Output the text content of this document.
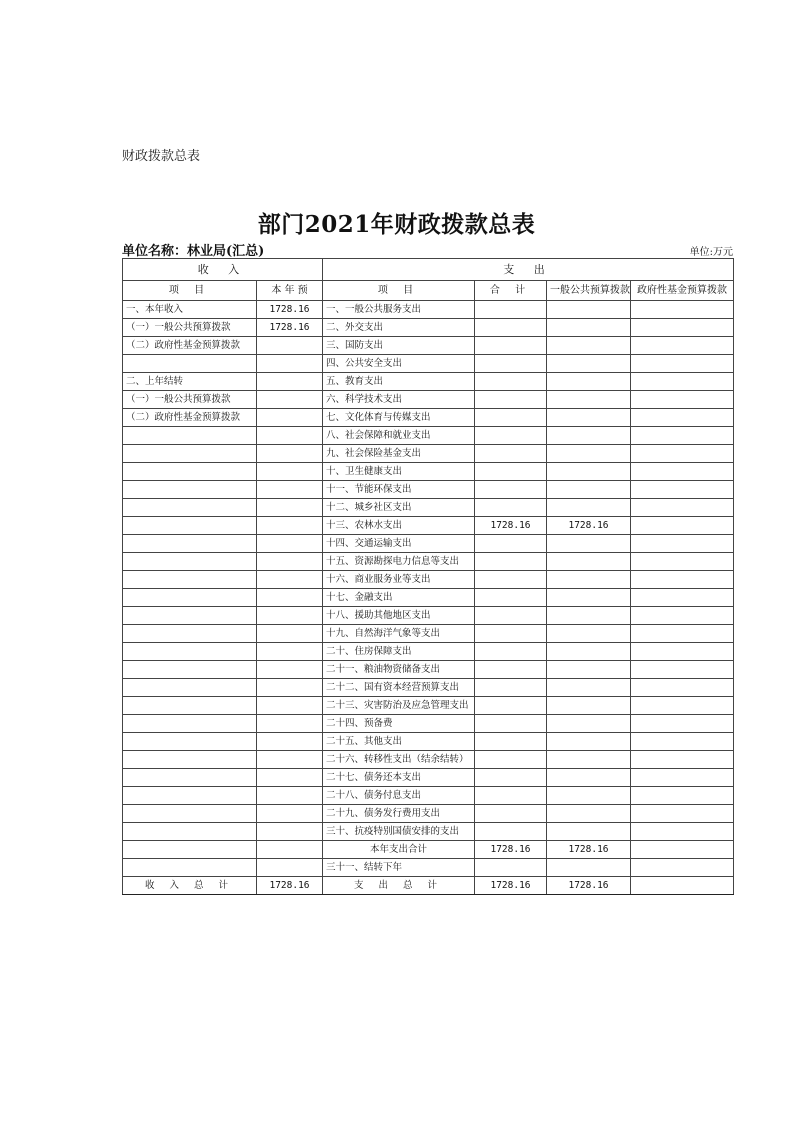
财政拨款总表
部门2021年财政拨款总表
单位名称：林业局(汇总)	单位:万元
收 入		支 出			
项 目	本 年 预	项 目	合 计	一般公共预算拨款	政府性基金预算拨款
一、本年收入	1728.16	一、一般公共服务支出			
（一）一般公共预算拨款	1728.16	二、外交支出			
（二）政府性基金预算拨款		三、国防支出			
		四、公共安全支出			
二、上年结转		五、教育支出			
（一）一般公共预算拨款		六、科学技术支出			
（二）政府性基金预算拨款		七、文化体育与传媒支出			
		八、社会保障和就业支出			
		九、社会保险基金支出			
		十、卫生健康支出			
		十一、节能环保支出			
		十二、城乡社区支出			
		十三、农林水支出	1728.16	1728.16	
		十四、交通运输支出			
		十五、资源勘探电力信息等支出			
		十六、商业服务业等支出			
		十七、金融支出			
		十八、援助其他地区支出			
		十九、自然海洋气象等支出			
		二十、住房保障支出			
		二十一、粮油物资储备支出			
		二十二、国有资本经营预算支出			
		二十三、灾害防治及应急管理支出			
		二十四、预备费			
		二十五、其他支出			
		二十六、转移性支出（结余结转）			
		二十七、债务还本支出			
		二十八、债务付息支出			
		二十九、债务发行费用支出			
		三十、抗疫特别国债安排的支出			
		本年支出合计	1728.16	1728.16	
		三十一、结转下年			
收 入 总 计	1728.16	支 出 总 计	1728.16	1728.16	
